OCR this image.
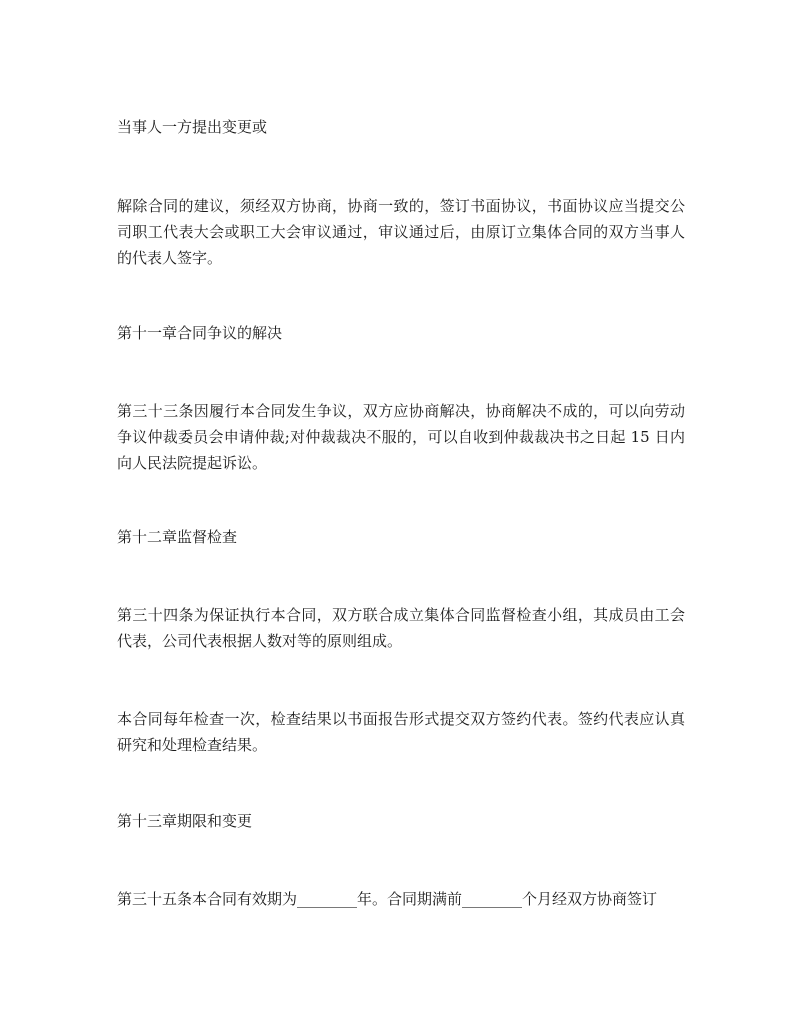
当事人一方提出变更或

解除合同的建议，须经双方协商，协商一致的，签订书面协议，书面协议应当提交公司职工代表大会或职工大会审议通过，审议通过后，由原订立集体合同的双方当事人的代表人签字。

第十一章合同争议的解决

第三十三条因履行本合同发生争议，双方应协商解决，协商解决不成的，可以向劳动争议仲裁委员会申请仲裁;对仲裁裁决不服的，可以自收到仲裁裁决书之日起 15 日内向人民法院提起诉讼。

第十二章监督检查

第三十四条为保证执行本合同，双方联合成立集体合同监督检查小组，其成员由工会代表，公司代表根据人数对等的原则组成。

本合同每年检查一次，检查结果以书面报告形式提交双方签约代表。签约代表应认真研究和处理检查结果。

第十三章期限和变更

第三十五条本合同有效期为________年。合同期满前________个月经双方协商签订
